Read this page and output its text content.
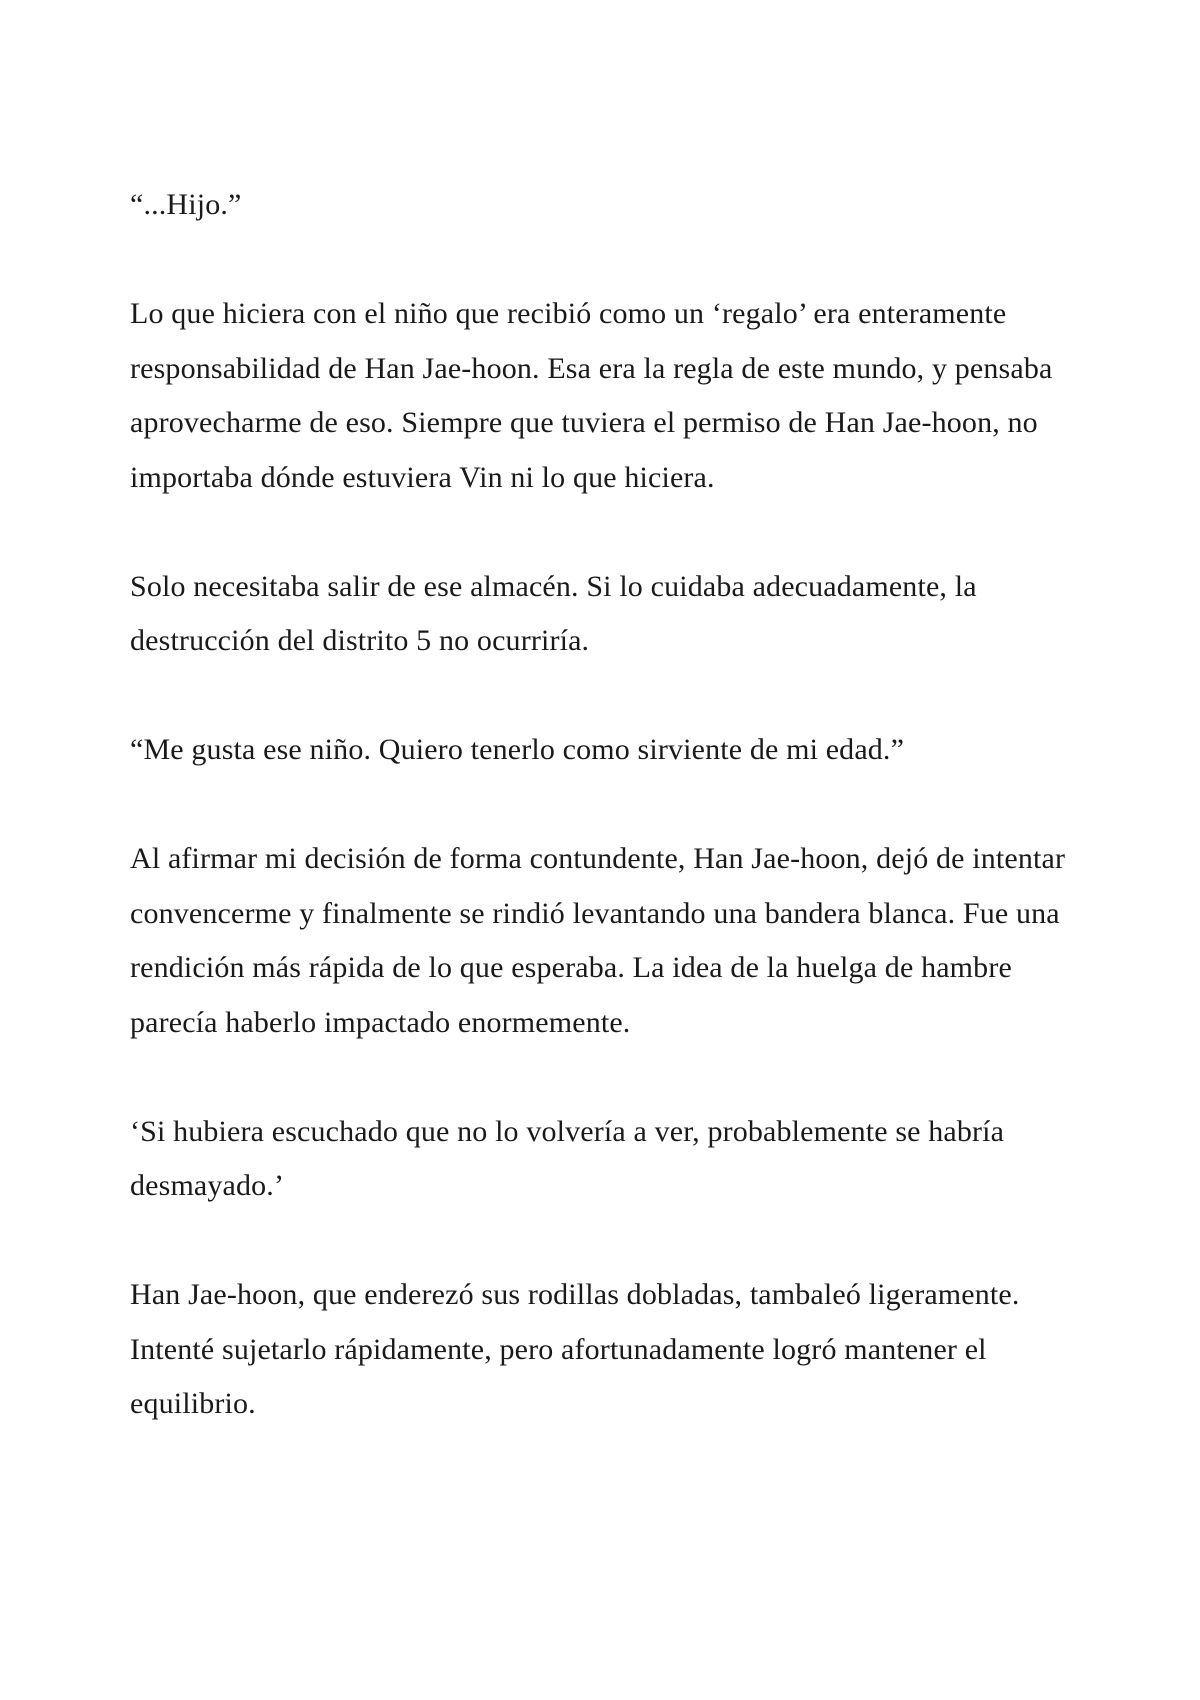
“...Hijo.”

Lo que hiciera con el niño que recibió como un ‘regalo’ era enteramente responsabilidad de Han Jae-hoon. Esa era la regla de este mundo, y pensaba aprovecharme de eso. Siempre que tuviera el permiso de Han Jae-hoon, no importaba dónde estuviera Vin ni lo que hiciera.

Solo necesitaba salir de ese almacén. Si lo cuidaba adecuadamente, la destrucción del distrito 5 no ocurriría.

“Me gusta ese niño. Quiero tenerlo como sirviente de mi edad.”

Al afirmar mi decisión de forma contundente, Han Jae-hoon, dejó de intentar convencerme y finalmente se rindió levantando una bandera blanca. Fue una rendición más rápida de lo que esperaba. La idea de la huelga de hambre parecía haberlo impactado enormemente.

‘Si hubiera escuchado que no lo volvería a ver, probablemente se habría desmayado.’

Han Jae-hoon, que enderezó sus rodillas dobladas, tambaleó ligeramente. Intenté sujetarlo rápidamente, pero afortunadamente logró mantener el equilibrio.
